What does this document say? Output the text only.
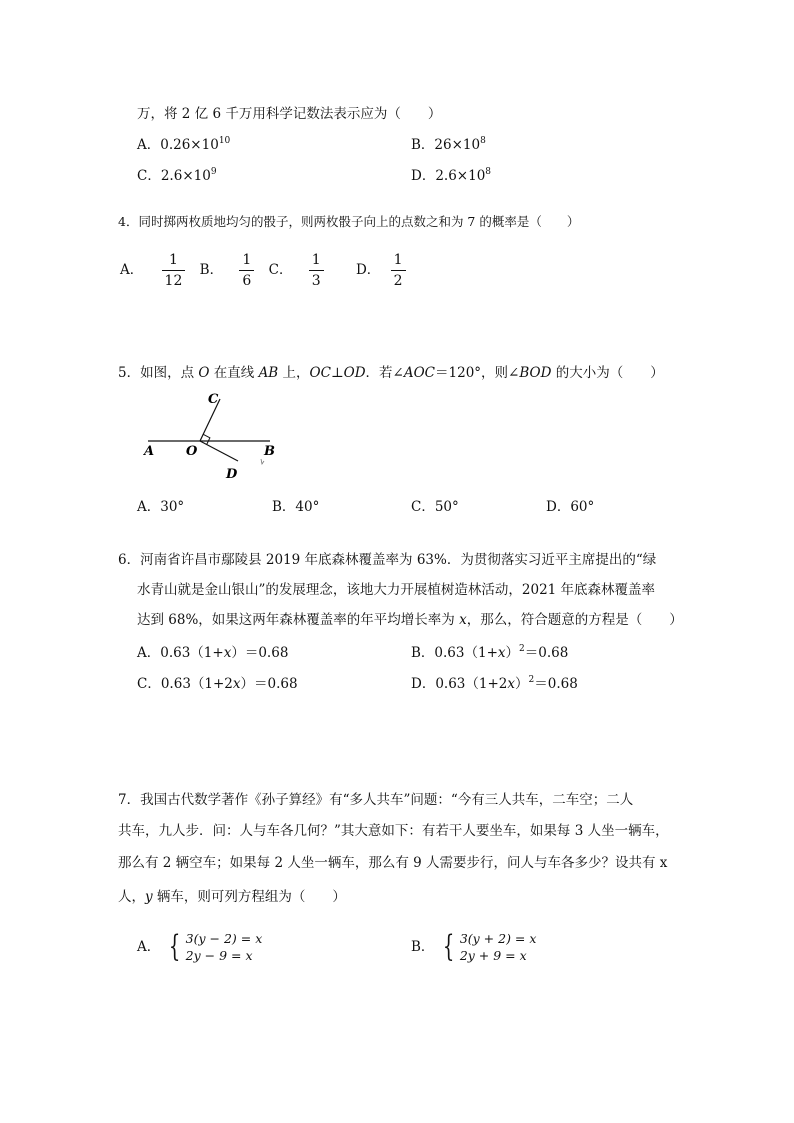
万，将 2 亿 6 千万用科学记数法表示应为（　　）
A．$0.26\times 10^{10}$	B．$26\times 10^8$
C．$2.6\times 10^9$	D．$2.6\times 10^8$
4．同时掷两枚质地均匀的骰子，则两枚骰子向上的点数之和为 7 的概率是（　　）
A． $\frac{1}{12}$ B． $\frac{1}{6}$ C． $\frac{1}{3}$ D． $\frac{1}{2}$
5．如图，点 O 在直线 AB 上，OC⊥OD．若∠AOC＝120°，则∠BOD 的大小为（　　）
A O	B
C
D
A．30°	B．40°	C．50°	D．60°
6．河南省许昌市鄢陵县 2019 年底森林覆盖率为 63%．为贯彻落实习近平主席提出的“绿
水青山就是金山银山”的发展理念，该地大力开展植树造林活动，2021 年底森林覆盖率
达到 68%，如果这两年森林覆盖率的年平均增长率为 x，那么，符合题意的方程是（　　）
A．0.63（1+x）＝0.68	B．$0.63(1+x)^2=0.68$
C．0.63（1+2x）＝0.68	D．$0.63(1+2x)^2=0.68$
7．我国古代数学著作《孙子算经》有“多人共车”问题：“今有三人共车，二车空；二人
共车，九人步．问：人与车各几何？”其大意如下：有若干人要坐车，如果每 3 人坐一辆车，
那么有 2 辆空车；如果每 2 人坐一辆车，那么有 9 人需要步行，问人与车各多少？设共有 x
人，y 辆车，则可列方程组为（　　）
A． { 3(y − 2) = x
2y − 9 = x
B． { 3(y + 2) = x
2y + 9 = x
